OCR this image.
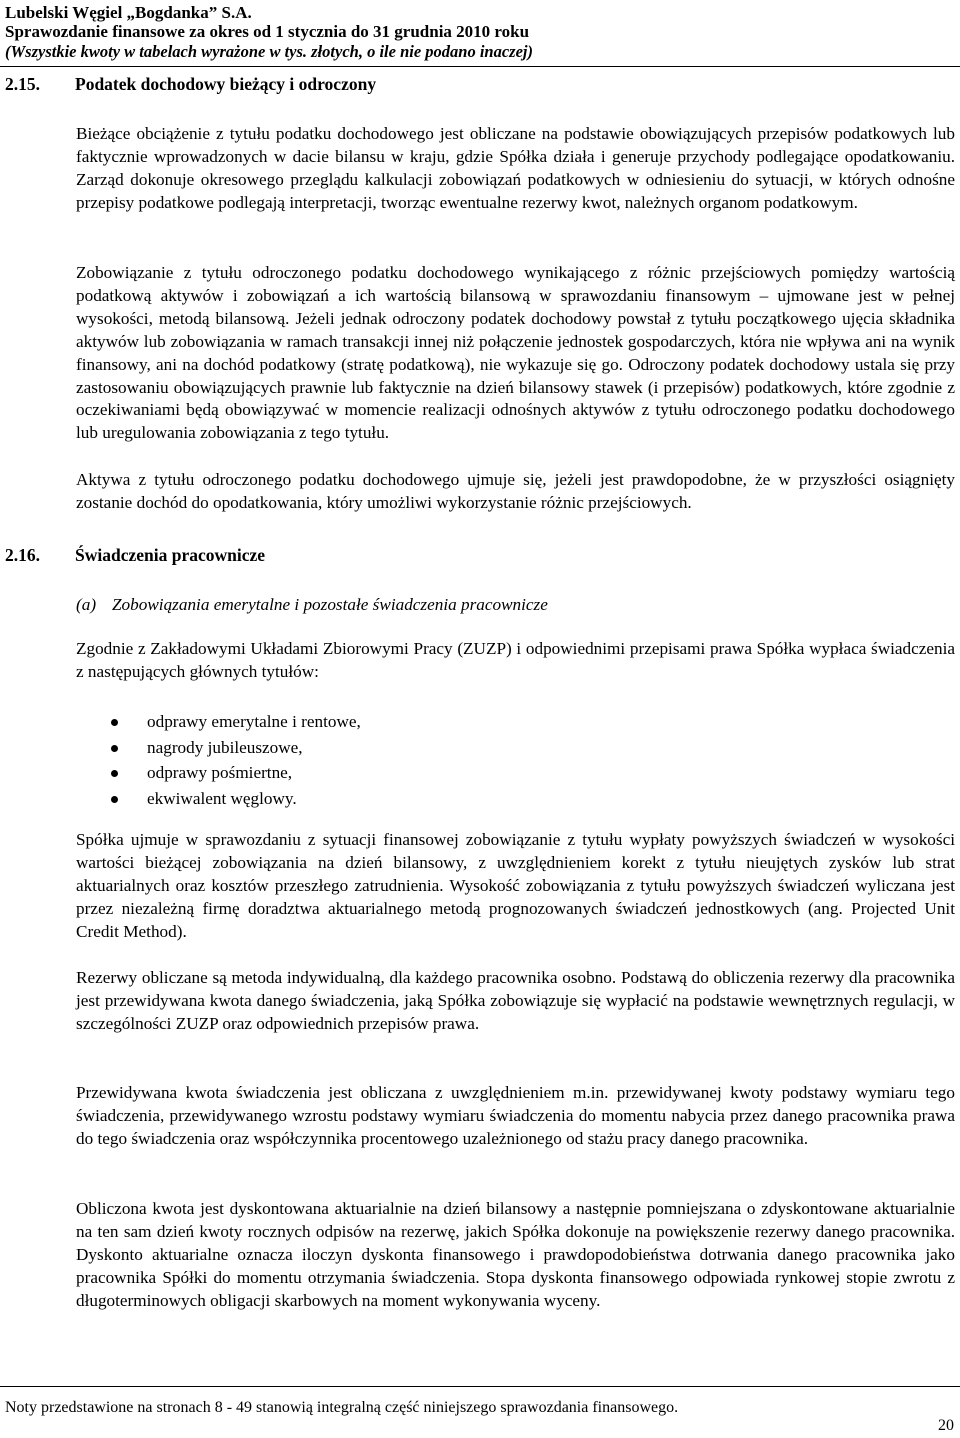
Lubelski Węgiel „Bogdanka” S.A.
Sprawozdanie finansowe za okres od 1 stycznia do 31 grudnia 2010 roku
(Wszystkie kwoty w tabelach wyrażone w tys. złotych, o ile nie podano inaczej)
2.15. Podatek dochodowy bieżący i odroczony

Bieżące obciążenie z tytułu podatku dochodowego jest obliczane na podstawie obowiązujących przepisów podatkowych lub faktycznie wprowadzonych w dacie bilansu w kraju, gdzie Spółka działa i generuje przychody podlegające opodatkowaniu. Zarząd dokonuje okresowego przeglądu kalkulacji zobowiązań podatkowych w odniesieniu do sytuacji, w których odnośne przepisy podatkowe podlegają interpretacji, tworząc ewentualne rezerwy kwot, należnych organom podatkowym.

Zobowiązanie z tytułu odroczonego podatku dochodowego wynikającego z różnic przejściowych pomiędzy wartością podatkową aktywów i zobowiązań a ich wartością bilansową w sprawozdaniu finansowym – ujmowane jest w pełnej wysokości, metodą bilansową. Jeżeli jednak odroczony podatek dochodowy powstał z tytułu początkowego ujęcia składnika aktywów lub zobowiązania w ramach transakcji innej niż połączenie jednostek gospodarczych, która nie wpływa ani na wynik finansowy, ani na dochód podatkowy (stratę podatkową), nie wykazuje się go. Odroczony podatek dochodowy ustala się przy zastosowaniu obowiązujących prawnie lub faktycznie na dzień bilansowy stawek (i przepisów) podatkowych, które zgodnie z oczekiwaniami będą obowiązywać w momencie realizacji odnośnych aktywów z tytułu odroczonego podatku dochodowego lub uregulowania zobowiązania z tego tytułu.

Aktywa z tytułu odroczonego podatku dochodowego ujmuje się, jeżeli jest prawdopodobne, że w przyszłości osiągnięty zostanie dochód do opodatkowania, który umożliwi wykorzystanie różnic przejściowych.

2.16. Świadczenia pracownicze
(a) Zobowiązania emerytalne i pozostałe świadczenia pracownicze

Zgodnie z Zakładowymi Układami Zbiorowymi Pracy (ZUZP) i odpowiednimi przepisami prawa Spółka wypłaca świadczenia z następujących głównych tytułów:

odprawy emerytalne i rentowe,
nagrody jubileuszowe,
odprawy pośmiertne,
ekwiwalent węglowy.

Spółka ujmuje w sprawozdaniu z sytuacji finansowej zobowiązanie z tytułu wypłaty powyższych świadczeń w wysokości wartości bieżącej zobowiązania na dzień bilansowy, z uwzględnieniem korekt z tytułu nieujętych zysków lub strat aktuarialnych oraz kosztów przeszłego zatrudnienia. Wysokość zobowiązania z tytułu powyższych świadczeń wyliczana jest przez niezależną firmę doradztwa aktuarialnego metodą prognozowanych świadczeń jednostkowych (ang. Projected Unit Credit Method).

Rezerwy obliczane są metoda indywidualną, dla każdego pracownika osobno. Podstawą do obliczenia rezerwy dla pracownika jest przewidywana kwota danego świadczenia, jaką Spółka zobowiązuje się wypłacić na podstawie wewnętrznych regulacji, w szczególności ZUZP oraz odpowiednich przepisów prawa.

Przewidywana kwota świadczenia jest obliczana z uwzględnieniem m.in. przewidywanej kwoty podstawy wymiaru tego świadczenia, przewidywanego wzrostu podstawy wymiaru świadczenia do momentu nabycia przez danego pracownika prawa do tego świadczenia oraz współczynnika procentowego uzależnionego od stażu pracy danego pracownika.

Obliczona kwota jest dyskontowana aktuarialnie na dzień bilansowy a następnie pomniejszana o zdyskontowane aktuarialnie na ten sam dzień kwoty rocznych odpisów na rezerwę, jakich Spółka dokonuje na powiększenie rezerwy danego pracownika. Dyskonto aktuarialne oznacza iloczyn dyskonta finansowego i prawdopodobieństwa dotrwania danego pracownika jako pracownika Spółki do momentu otrzymania świadczenia. Stopa dyskonta finansowego odpowiada rynkowej stopie zwrotu z długoterminowych obligacji skarbowych na moment wykonywania wyceny.

Noty przedstawione na stronach 8 - 49 stanowią integralną część niniejszego sprawozdania finansowego.
20
